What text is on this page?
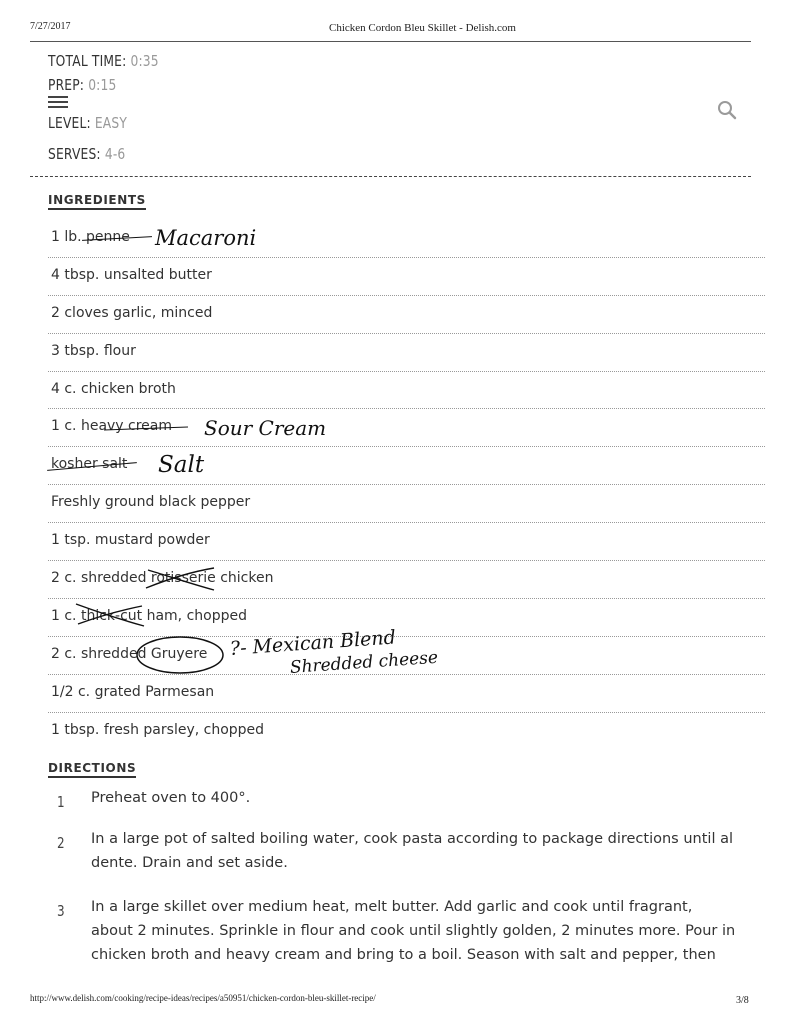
7/27/2017	Chicken Cordon Bleu Skillet - Delish.com
TOTAL TIME: 0:35
PREP: 0:15
LEVEL: EASY
SERVES: 4-6
INGREDIENTS
1 lb. penne
4 tbsp. unsalted butter
2 cloves garlic, minced
3 tbsp. flour
4 c. chicken broth
1 c. heavy cream
kosher salt
Freshly ground black pepper
1 tsp. mustard powder
2 c. shredded rotisserie chicken
1 c. thick-cut ham, chopped
2 c. shredded Gruyere
1/2 c. grated Parmesan
1 tbsp. fresh parsley, chopped
Macaroni
Sour Cream
Salt
?- Mexican Blend
Shredded cheese
DIRECTIONS
1 Preheat oven to 400°.
2 In a large pot of salted boiling water, cook pasta according to package directions until al dente. Drain and set aside.
3 In a large skillet over medium heat, melt butter. Add garlic and cook until fragrant, about 2 minutes. Sprinkle in flour and cook until slightly golden, 2 minutes more. Pour in chicken broth and heavy cream and bring to a boil. Season with salt and pepper, then
http://www.delish.com/cooking/recipe-ideas/recipes/a50951/chicken-cordon-bleu-skillet-recipe/	3/8
